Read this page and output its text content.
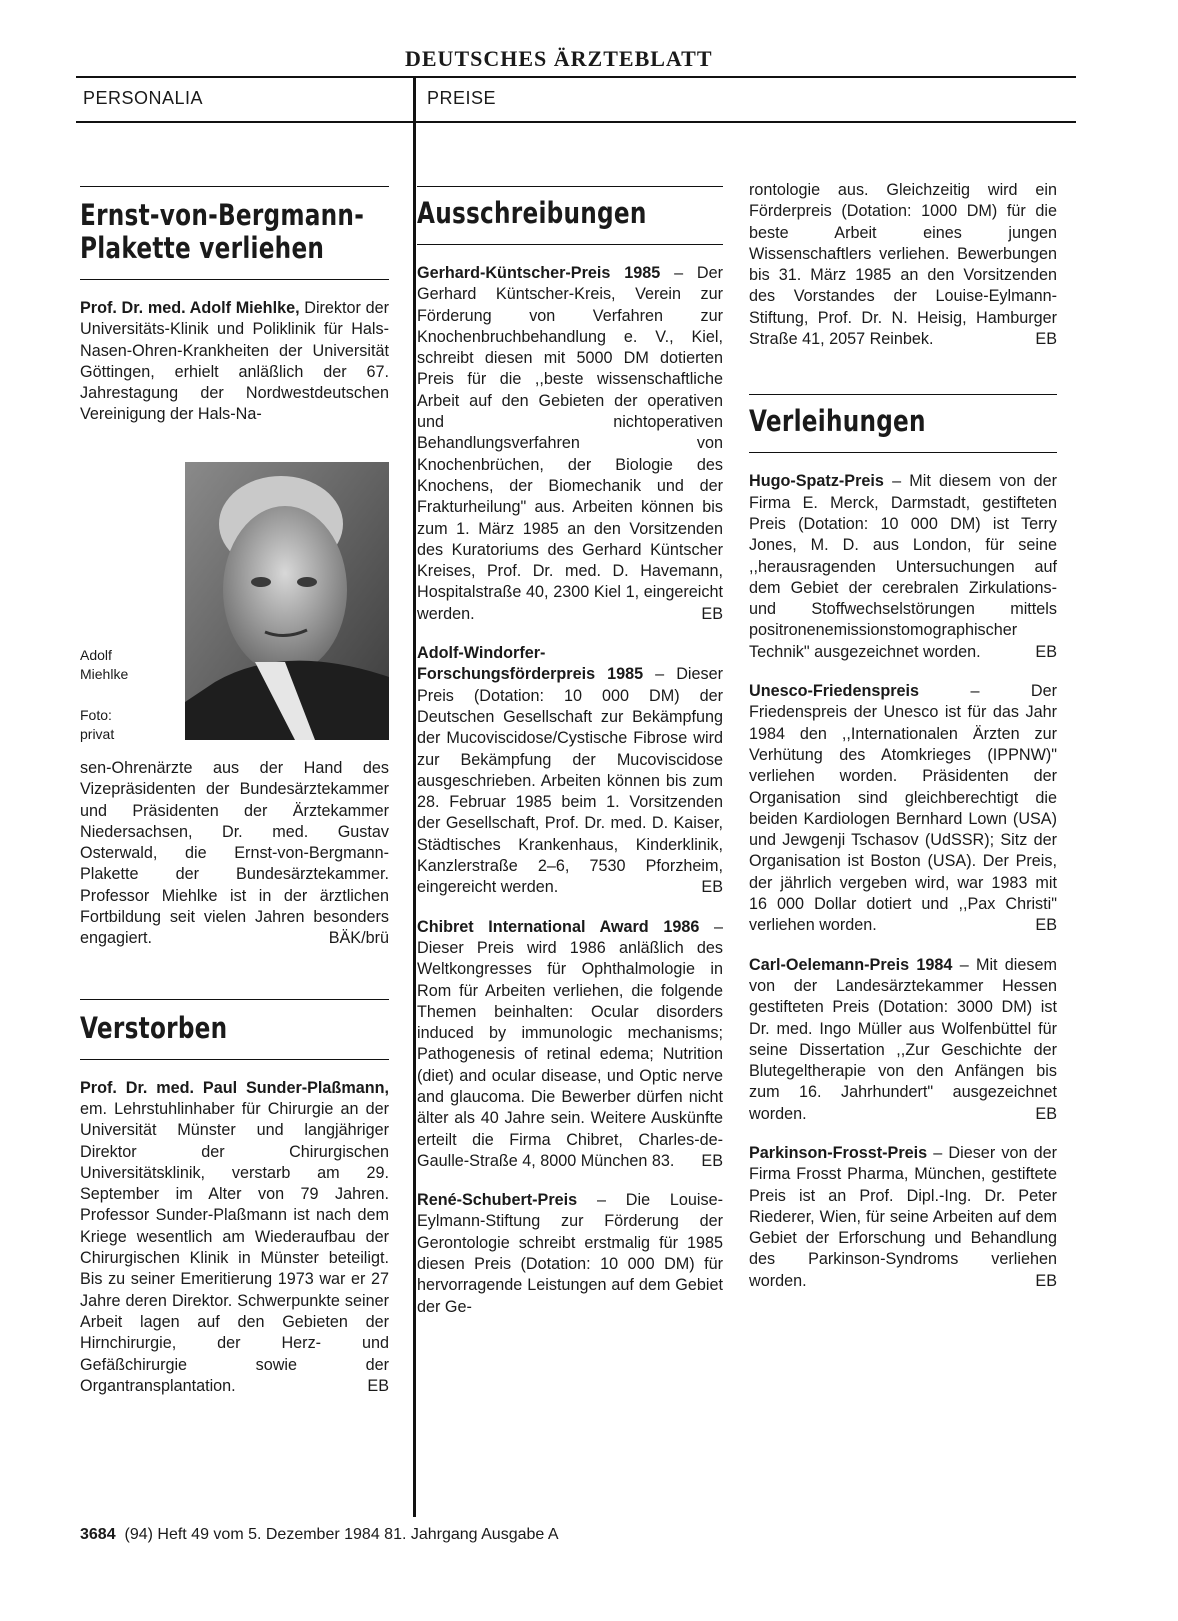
DEUTSCHES ÄRZTEBLATT
PERSONALIA	PREISE
Ernst-von-Bergmann-
Plakette verliehen

Prof. Dr. med. Adolf Miehlke, Direktor der Universitäts-Klinik und Poliklinik für Hals-Nasen-Ohren-Krankheiten der Universität Göttingen, erhielt anläßlich der 67. Jahrestagung der Nordwestdeutschen Vereinigung der Hals-Na-

Adolf
Miehlke
Foto:
privat

sen-Ohrenärzte aus der Hand des Vizepräsidenten der Bundesärztekammer und Präsidenten der Ärztekammer Niedersachsen, Dr. med. Gustav Osterwald, die Ernst-von-Bergmann-Plakette der Bundesärztekammer. Professor Miehlke ist in der ärztlichen Fortbildung seit vielen Jahren besonders engagiert.	BÄK/brü

Verstorben

Prof. Dr. med. Paul Sunder-Plaßmann, em. Lehrstuhlinhaber für Chirurgie an der Universität Münster und langjähriger Direktor der Chirurgischen Universitätsklinik, verstarb am 29. September im Alter von 79 Jahren. Professor Sunder-Plaßmann ist nach dem Kriege wesentlich am Wiederaufbau der Chirurgischen Klinik in Münster beteiligt. Bis zu seiner Emeritierung 1973 war er 27 Jahre deren Direktor. Schwerpunkte seiner Arbeit lagen auf den Gebieten der Hirnchirurgie, der Herz- und Gefäßchirurgie sowie der Organtransplantation.	EB

Ausschreibungen

Gerhard-Küntscher-Preis 1985 – Der Gerhard Küntscher-Kreis, Verein zur Förderung von Verfahren zur Knochenbruchbehandlung e. V., Kiel, schreibt diesen mit 5000 DM dotierten Preis für die ,,beste wissenschaftliche Arbeit auf den Gebieten der operativen und nichtoperativen Behandlungsverfahren von Knochenbrüchen, der Biologie des Knochens, der Biomechanik und der Frakturheilung" aus. Arbeiten können bis zum 1. März 1985 an den Vorsitzenden des Kuratoriums des Gerhard Küntscher Kreises, Prof. Dr. med. D. Havemann, Hospitalstraße 40, 2300 Kiel 1, eingereicht werden.	EB

Adolf-Windorfer-Forschungsförderpreis 1985 – Dieser Preis (Dotation: 10 000 DM) der Deutschen Gesellschaft zur Bekämpfung der Mucoviscidose/Cystische Fibrose wird zur Bekämpfung der Mucoviscidose ausgeschrieben. Arbeiten können bis zum 28. Februar 1985 beim 1. Vorsitzenden der Gesellschaft, Prof. Dr. med. D. Kaiser, Städtisches Krankenhaus, Kinderklinik, Kanzlerstraße 2–6, 7530 Pforzheim, eingereicht werden.	EB

Chibret International Award 1986 – Dieser Preis wird 1986 anläßlich des Weltkongresses für Ophthalmologie in Rom für Arbeiten verliehen, die folgende Themen beinhalten: Ocular disorders induced by immunologic mechanisms; Pathogenesis of retinal edema; Nutrition (diet) and ocular disease, und Optic nerve and glaucoma. Die Bewerber dürfen nicht älter als 40 Jahre sein. Weitere Auskünfte erteilt die Firma Chibret, Charles-de-Gaulle-Straße 4, 8000 München 83. EB

René-Schubert-Preis – Die Louise-Eylmann-Stiftung zur Förderung der Gerontologie schreibt erstmalig für 1985 diesen Preis (Dotation: 10 000 DM) für hervorragende Leistungen auf dem Gebiet der Ge-

rontologie aus. Gleichzeitig wird ein Förderpreis (Dotation: 1000 DM) für die beste Arbeit eines jungen Wissenschaftlers verliehen. Bewerbungen bis 31. März 1985 an den Vorsitzenden des Vorstandes der Louise-Eylmann-Stiftung, Prof. Dr. N. Heisig, Hamburger Straße 41, 2057 Reinbek.	EB

Verleihungen

Hugo-Spatz-Preis – Mit diesem von der Firma E. Merck, Darmstadt, gestifteten Preis (Dotation: 10 000 DM) ist Terry Jones, M. D. aus London, für seine ,,herausragenden Untersuchungen auf dem Gebiet der cerebralen Zirkulations- und Stoffwechselstörungen mittels positronenemissionstomographischer Technik" ausgezeichnet worden.	EB

Unesco-Friedenspreis – Der Friedenspreis der Unesco ist für das Jahr 1984 den ,,Internationalen Ärzten zur Verhütung des Atomkrieges (IPPNW)" verliehen worden. Präsidenten der Organisation sind gleichberechtigt die beiden Kardiologen Bernhard Lown (USA) und Jewgenji Tschasov (UdSSR); Sitz der Organisation ist Boston (USA). Der Preis, der jährlich vergeben wird, war 1983 mit 16 000 Dollar dotiert und ,,Pax Christi" verliehen worden.	EB

Carl-Oelemann-Preis 1984 – Mit diesem von der Landesärztekammer Hessen gestifteten Preis (Dotation: 3000 DM) ist Dr. med. Ingo Müller aus Wolfenbüttel für seine Dissertation ,,Zur Geschichte der Blutegeltherapie von den Anfängen bis zum 16. Jahrhundert" ausgezeichnet worden.	EB

Parkinson-Frosst-Preis – Dieser von der Firma Frosst Pharma, München, gestiftete Preis ist an Prof. Dipl.-Ing. Dr. Peter Riederer, Wien, für seine Arbeiten auf dem Gebiet der Erforschung und Behandlung des Parkinson-Syndroms verliehen worden.	EB

3684 (94) Heft 49 vom 5. Dezember 1984 81. Jahrgang Ausgabe A
